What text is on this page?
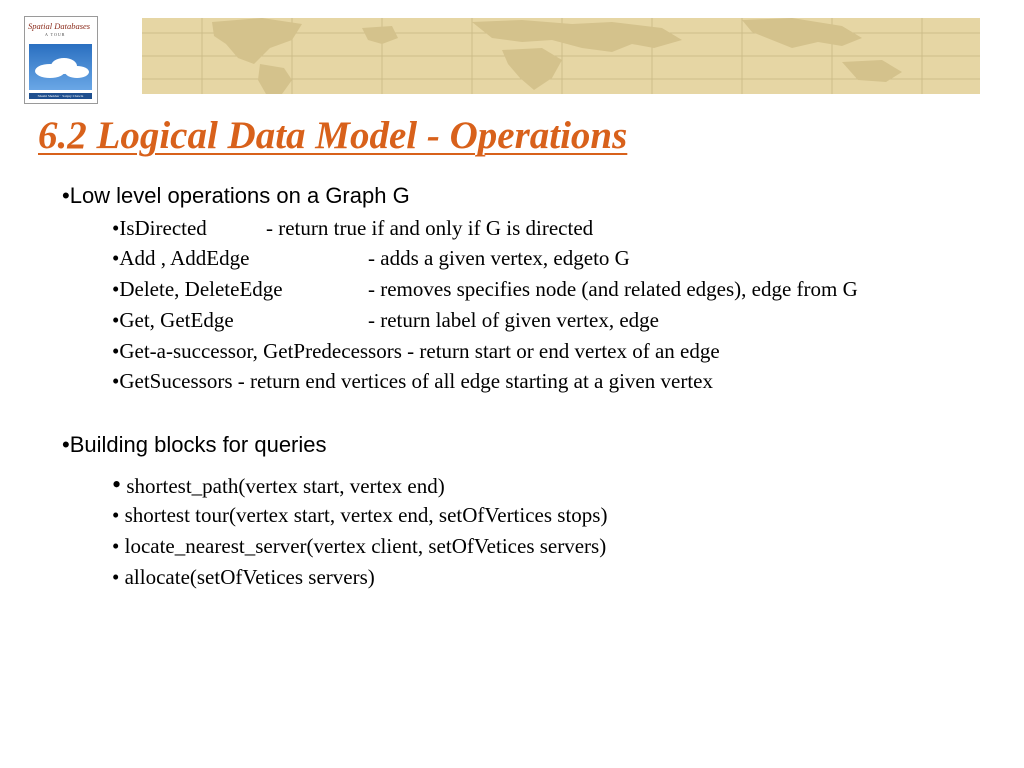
Spatial Databases
A TOUR
Shashi Shekhar · Sanjay Chawla
6.2 Logical Data Model - Operations
•Low level operations on a Graph G
•IsDirected	- return true if and only if G is directed
•Add , AddEdge	- adds a given vertex, edgeto G
•Delete, DeleteEdge	- removes specifies node (and related edges), edge from G
•Get, GetEdge	- return label of given vertex, edge
•Get-a-successor, GetPredecessors - return start or end vertex of an edge
•GetSucessors - return end vertices of all edge starting at a given vertex
•Building blocks for queries
• shortest_path(vertex start, vertex end)
• shortest tour(vertex start, vertex end, setOfVertices stops)
• locate_nearest_server(vertex client, setOfVetices servers)
• allocate(setOfVetices servers)
